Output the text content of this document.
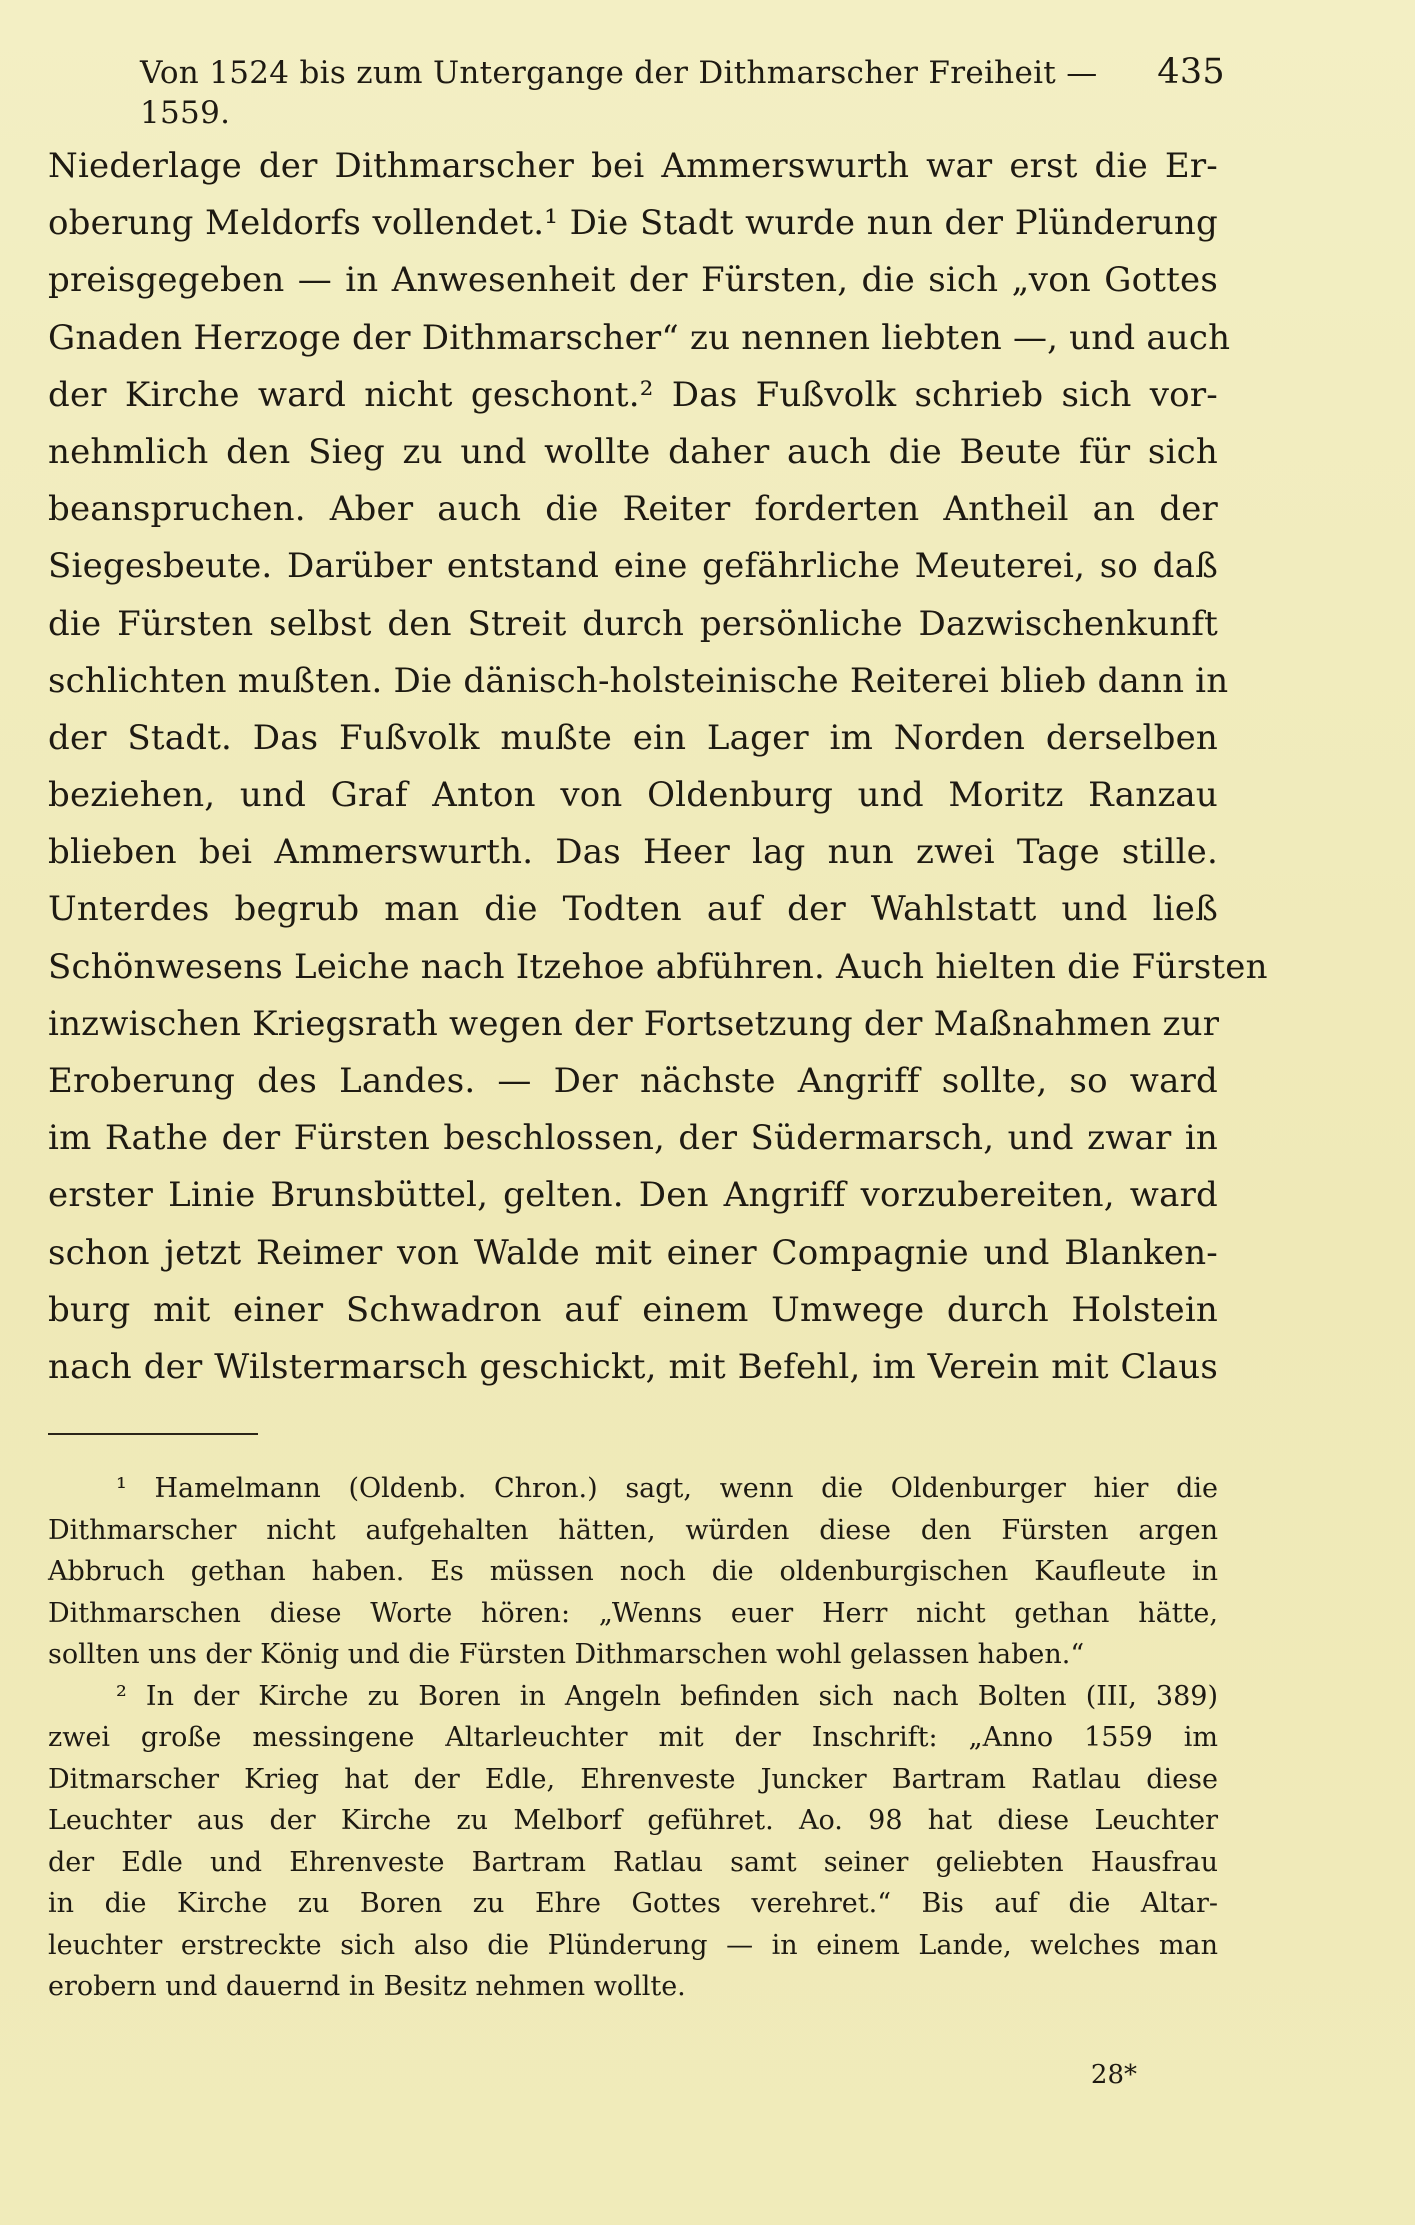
Von 1524 bis zum Untergange der Dithmarscher Freiheit — 1559.
435
Niederlage der Dithmarscher bei Ammerswurth war erst die Er-
oberung Meldorfs vollendet.¹ Die Stadt wurde nun der Plünderung
preisgegeben — in Anwesenheit der Fürsten, die sich „von Gottes
Gnaden Herzoge der Dithmarscher“ zu nennen liebten —, und auch
der Kirche ward nicht geschont.² Das Fußvolk schrieb sich vor-
nehmlich den Sieg zu und wollte daher auch die Beute für sich
beanspruchen. Aber auch die Reiter forderten Antheil an der
Siegesbeute. Darüber entstand eine gefährliche Meuterei, so daß
die Fürsten selbst den Streit durch persönliche Dazwischenkunft
schlichten mußten. Die dänisch-holsteinische Reiterei blieb dann in
der Stadt. Das Fußvolk mußte ein Lager im Norden derselben
beziehen, und Graf Anton von Oldenburg und Moritz Ranzau
blieben bei Ammerswurth. Das Heer lag nun zwei Tage stille.
Unterdes begrub man die Todten auf der Wahlstatt und ließ
Schönwesens Leiche nach Itzehoe abführen. Auch hielten die Fürsten
inzwischen Kriegsrath wegen der Fortsetzung der Maßnahmen zur
Eroberung des Landes. — Der nächste Angriff sollte, so ward
im Rathe der Fürsten beschlossen, der Südermarsch, und zwar in
erster Linie Brunsbüttel, gelten. Den Angriff vorzubereiten, ward
schon jetzt Reimer von Walde mit einer Compagnie und Blanken-
burg mit einer Schwadron auf einem Umwege durch Holstein
nach der Wilstermarsch geschickt, mit Befehl, im Verein mit Claus
¹ Hamelmann (Oldenb. Chron.) sagt, wenn die Oldenburger hier die
Dithmarscher nicht aufgehalten hätten, würden diese den Fürsten argen
Abbruch gethan haben. Es müssen noch die oldenburgischen Kaufleute in
Dithmarschen diese Worte hören: „Wenns euer Herr nicht gethan hätte,
sollten uns der König und die Fürsten Dithmarschen wohl gelassen haben.“
² In der Kirche zu Boren in Angeln befinden sich nach Bolten (III, 389)
zwei große messingene Altarleuchter mit der Inschrift: „Anno 1559 im
Ditmarscher Krieg hat der Edle, Ehrenveste Juncker Bartram Ratlau diese
Leuchter aus der Kirche zu Melborf geführet. Ao. 98 hat diese Leuchter
der Edle und Ehrenveste Bartram Ratlau samt seiner geliebten Hausfrau
in die Kirche zu Boren zu Ehre Gottes verehret.“ Bis auf die Altar-
leuchter erstreckte sich also die Plünderung — in einem Lande, welches man
erobern und dauernd in Besitz nehmen wollte.
28*
